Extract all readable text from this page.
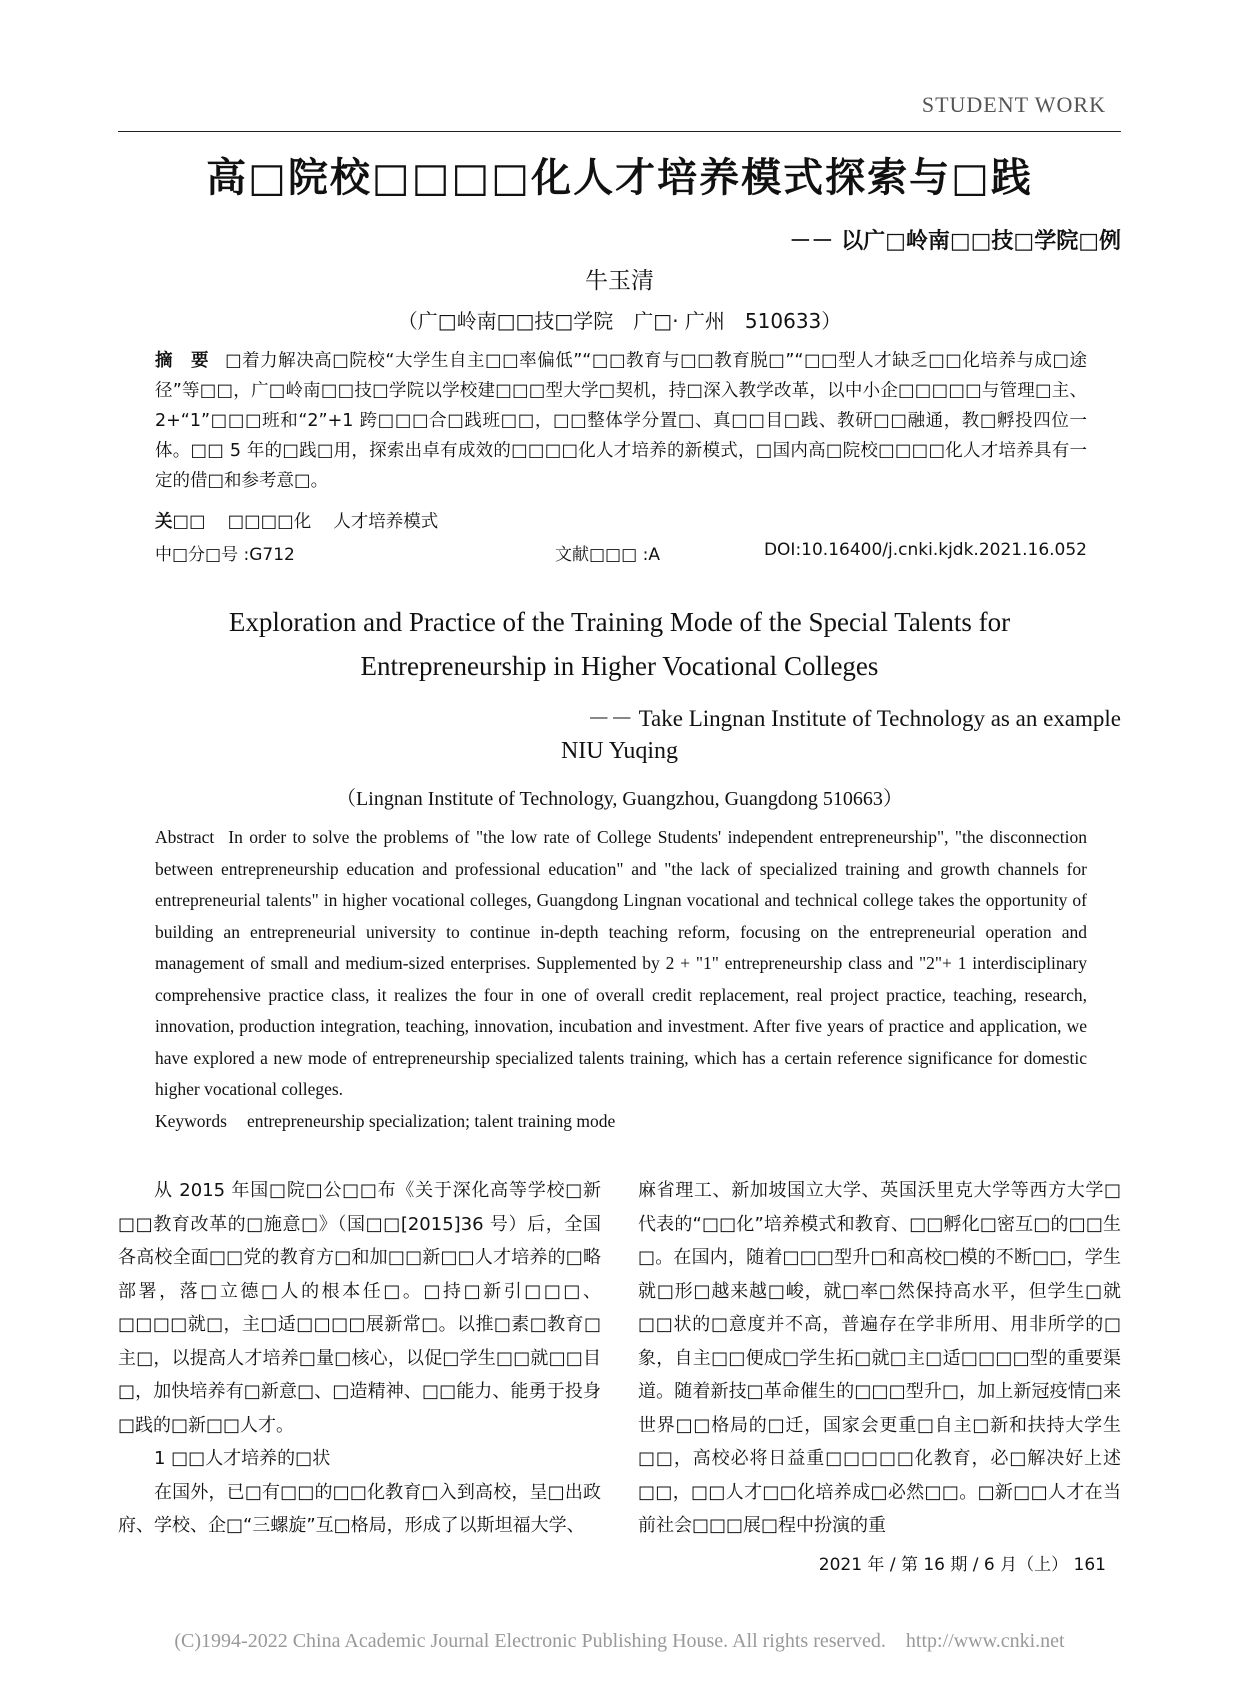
STUDENT WORK
高□院校□□□□化人才培养模式探索与□践
－－ 以广□岭南□□技□学院□例
牛玉清
（广□岭南□□技□学院　广□· 广州　510633）

摘　要 □着力解决高□院校“大学生自主□□率偏低”“□□教育与□□教育脱□”“□□型人才缺乏□□化培养与成□途径”等□□，广□岭南□□技□学院以学校建□□□型大学□契机，持□深入教学改革，以中小企□□□□□与管理□主、2+“1”□□□班和“2”+1 跨□□□合□践班□□，□□整体学分置□、真□□目□践、教研□□融通，教□孵投四位一体。□□ 5 年的□践□用，探索出卓有成效的□□□□化人才培养的新模式，□国内高□院校□□□□化人才培养具有一定的借□和参考意□。

关□□ □□□□化 人才培养模式
中□分□号 :G712	文献□□□ :A	DOI:10.16400/j.cnki.kjdk.2021.16.052
Exploration and Practice of the Training Mode of the Special Talents for
Entrepreneurship in Higher Vocational Colleges
－－ Take Lingnan Institute of Technology as an example
NIU Yuqing
（Lingnan Institute of Technology, Guangzhou, Guangdong 510663）

Abstract In order to solve the problems of "the low rate of College Students' independent entrepreneurship", "the disconnection between entrepreneurship education and professional education" and "the lack of specialized training and growth channels for entrepreneurial talents" in higher vocational colleges, Guangdong Lingnan vocational and technical college takes the opportunity of building an entrepreneurial university to continue in-depth teaching reform, focusing on the entrepreneurial operation and management of small and medium-sized enterprises. Supplemented by 2 + "1" entrepreneurship class and "2"+ 1 interdisciplinary comprehensive practice class, it realizes the four in one of overall credit replacement, real project practice, teaching, research, innovation, production integration, teaching, innovation, incubation and investment. After five years of practice and application, we have explored a new mode of entrepreneurship specialized talents training, which has a certain reference significance for domestic higher vocational colleges.

Keywords entrepreneurship specialization; talent training mode

从 2015 年国□院□公□□布《关于深化高等学校□新□□教育改革的□施意□》（国□□[2015]36 号）后，全国各高校全面□□党的教育方□和加□□新□□人才培养的□略部署，落□立德□人的根本任□。□持□新引□□□、□□□□就□，主□适□□□□展新常□。以推□素□教育□主□，以提高人才培养□量□核心，以促□学生□□就□□目□，加快培养有□新意□、□造精神、□□能力、能勇于投身□践的□新□□人才。

1 □□人才培养的□状

在国外，已□有□□的□□化教育□入到高校，呈□出政府、学校、企□“三螺旋”互□格局，形成了以斯坦福大学、

麻省理工、新加坡国立大学、英国沃里克大学等西方大学□代表的“□□化”培养模式和教育、□□孵化□密互□的□□生□。在国内，随着□□□型升□和高校□模的不断□□，学生就□形□越来越□峻，就□率□然保持高水平，但学生□就□□状的□意度并不高，普遍存在学非所用、用非所学的□象，自主□□便成□学生拓□就□主□适□□□□型的重要渠道。随着新技□革命催生的□□□型升□，加上新冠疫情□来世界□□格局的□迁，国家会更重□自主□新和扶持大学生□□，高校必将日益重□□□□□化教育，必□解决好上述□□，□□人才□□化培养成□必然□□。□新□□人才在当前社会□□□展□程中扮演的重

2021 年 / 第 16 期 / 6 月（上） 161
(C)1994-2022 China Academic Journal Electronic Publishing House. All rights reserved.    http://www.cnki.net
